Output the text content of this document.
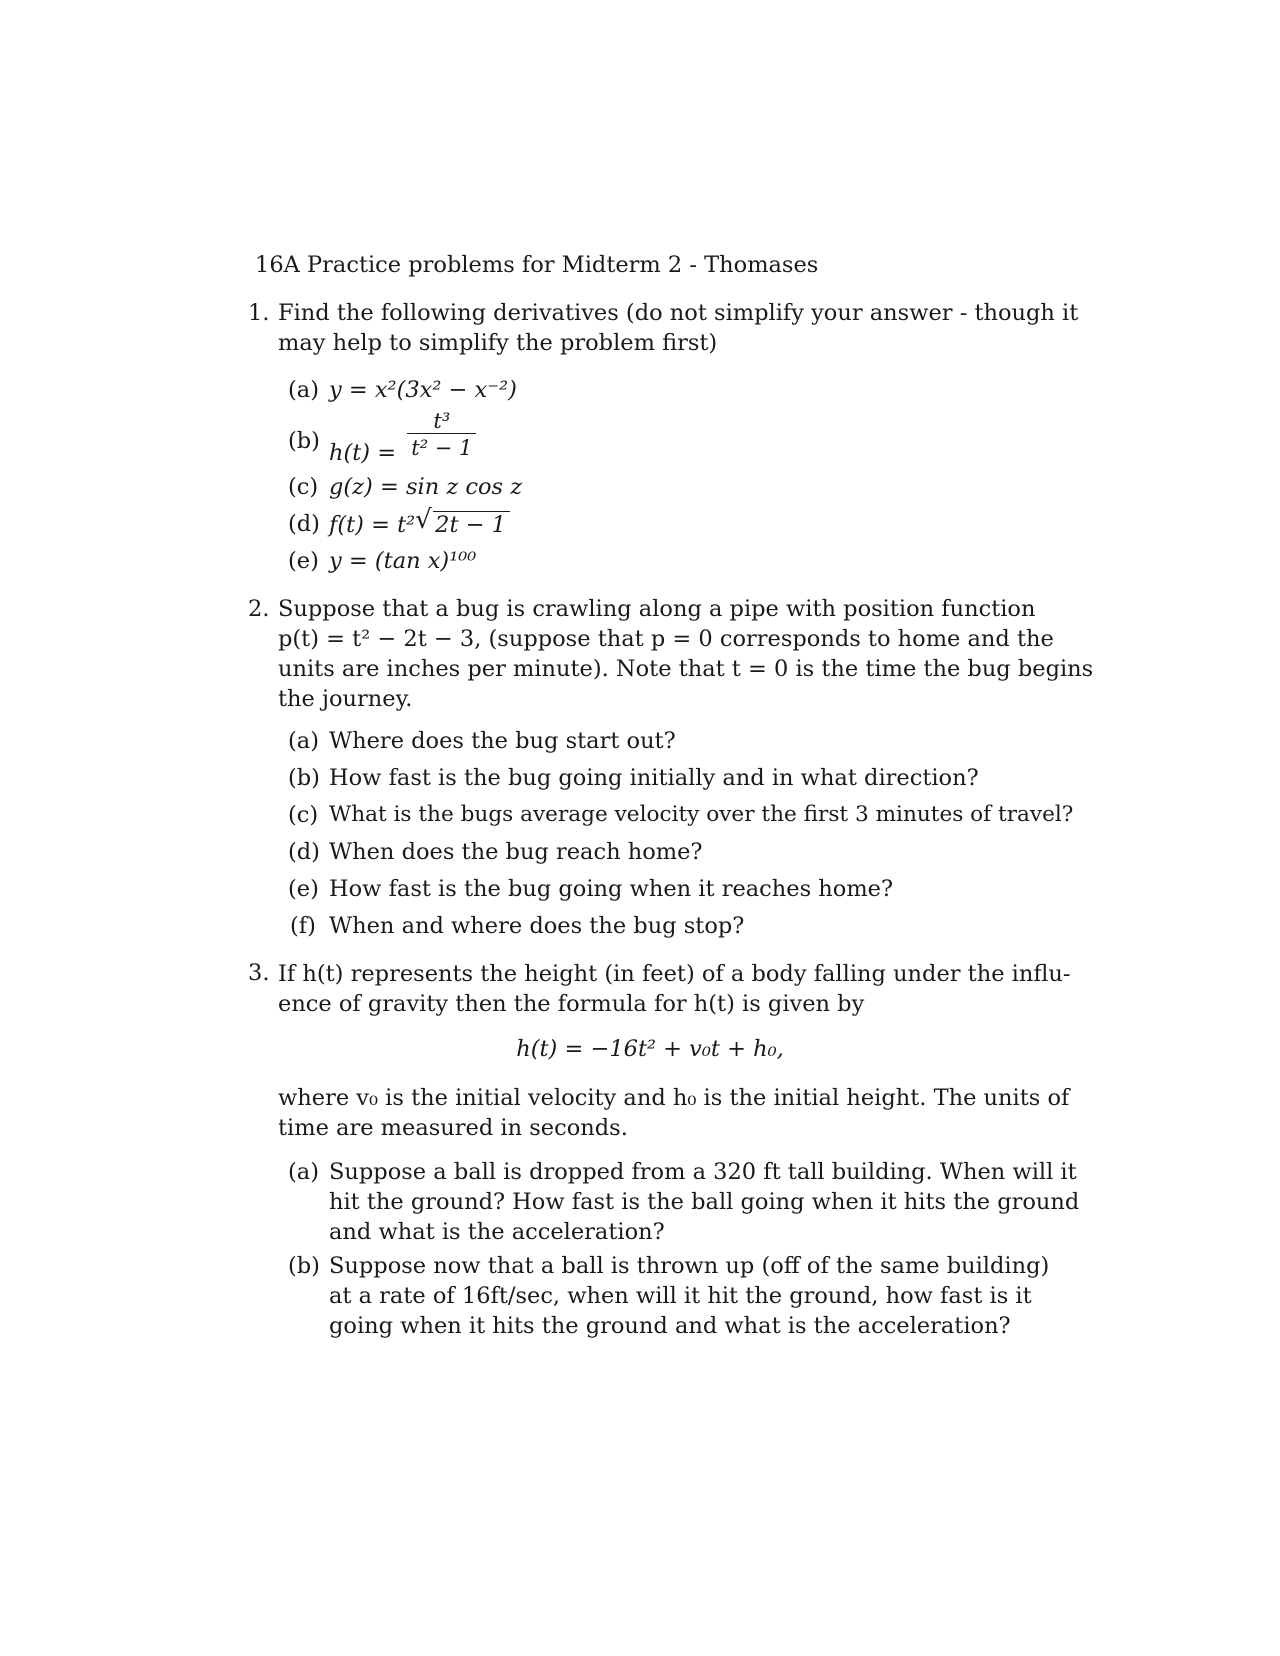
16A Practice problems for Midterm 2 - Thomases
1. Find the following derivatives (do not simplify your answer - though it
may help to simplify the problem first)
(a) y = x²(3x² − x⁻²)
(b) $h(t) = \frac{\text{t³}}{\text{t² − 1}}$
(c) g(z) = sin z cos z
(d) f(t) = t² √ 2t − 1
(e) y = (tan x)¹⁰⁰
2. Suppose that a bug is crawling along a pipe with position function
p(t) = t² − 2t − 3, (suppose that p = 0 corresponds to home and the
units are inches per minute). Note that t = 0 is the time the bug begins
the journey.
(a) Where does the bug start out?
(b) How fast is the bug going initially and in what direction?
(c) What is the bugs average velocity over the first 3 minutes of travel?
(d) When does the bug reach home?
(e) How fast is the bug going when it reaches home?
(f) When and where does the bug stop?
3. If h(t) represents the height (in feet) of a body falling under the influ-
ence of gravity then the formula for h(t) is given by
h(t) = −16t² + v₀t + h₀,
where v₀ is the initial velocity and h₀ is the initial height. The units of
time are measured in seconds.
(a) Suppose a ball is dropped from a 320 ft tall building. When will it
hit the ground? How fast is the ball going when it hits the ground
and what is the acceleration?
(b) Suppose now that a ball is thrown up (off of the same building)
at a rate of 16ft/sec, when will it hit the ground, how fast is it
going when it hits the ground and what is the acceleration?
